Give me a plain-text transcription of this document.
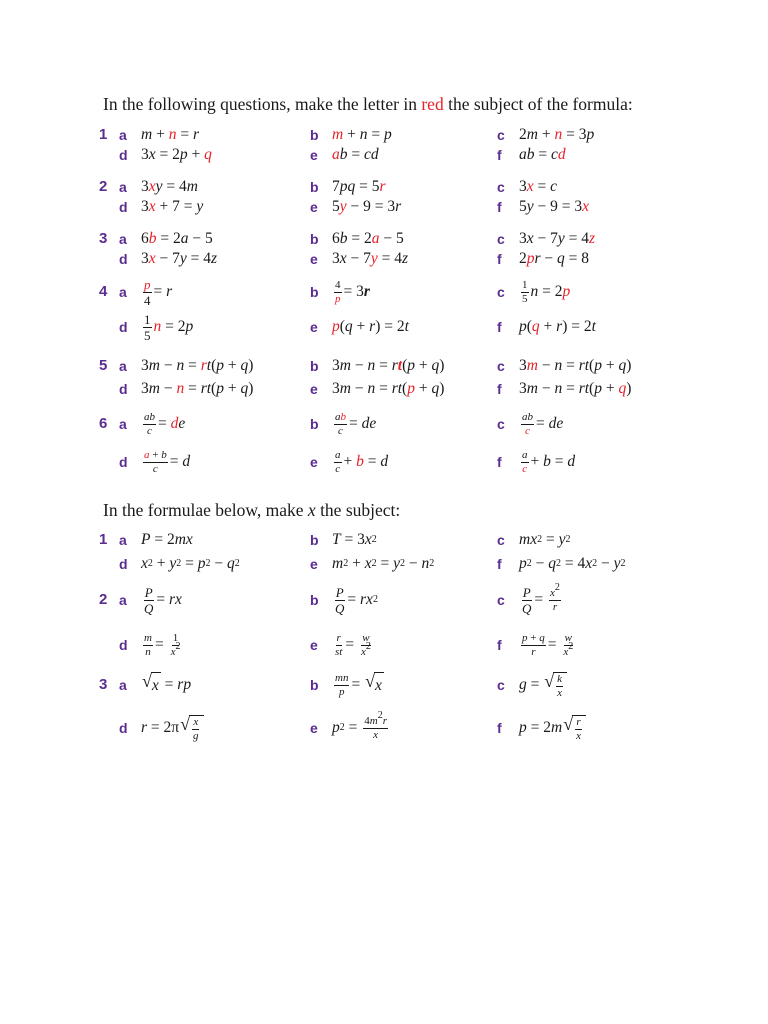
In the following questions, make the letter in red the subject of the formula:
1 a m + n = r	b m + n = p	c 2 m + n = 3 p
d 3 x = 2 p + q	e a b = cd	f ab = c d
2 a 3 x y = 4 m	b 7 pq = 5 r	c 3 x = c
d 3 x + 7 = y	e 5 y − 9 = 3 r	f 5 y − 9 = 3 x
3 a 6 b = 2 a − 5	b 6 b = 2 a − 5	c 3 x − 7 y = 4 z
d 3 x − 7 y = 4 z	e 3 x − 7 y = 4 z	f 2 p r − q = 8
4 a $\frac{p}{4} = r$	b $\frac{4}{p} = 3$ r	c $\frac{1}{5}$ n = 2 p
d $\frac{1}{5}$ n = 2 p	e p ( q + r ) = 2 t	f p ( q + r ) = 2 t
5 a 3 m − n = r t ( p + q )	b 3 m − n = r t ( p + q )	c 3 m − n = rt ( p + q )
d 3 m − n = rt ( p + q )	e 3 m − n = rt ( p + q )	f 3 m − n = rt ( p + q )
6 a $\frac{ab}{c} = d$ e	b $\frac{ab}{c}$ = de	c $\frac{ab}{c}$ = de
d $\frac{a + b}{c} = d$	e $\frac{a}{c} + b = d$	f $\frac{a}{c} + b = d$
In the formulae below, make x the subject:
1 a P = 2 mx	b T = 3 x 2	c mx 2 = y 2
d x 2 + y 2 = p 2 − q 2	e m 2 + x 2 = y 2 − n 2	f p 2 − q 2 = 4 x 2 − y 2
2 a $\frac{P}{Q}$ = rx	b $\frac{P}{Q}$ = rx 2	c $\frac{P}{Q} = \frac{x^2}{r}$
d $\frac{m}{n} = \frac{1}{x^2}$	e $\frac{r}{st} = \frac{w}{x^2}$	f $\frac{p + q}{r} = \frac{w}{x^2}$
3 a √ x = rp	b $\frac{mn}{p}$ = √ x	c g = √ $\frac{k}{x}$
d r = 2π √ $\frac{x}{g}$	e p $2 = \frac{4m^2r}{x}$	f p = 2 m √ $\frac{r}{x}$
